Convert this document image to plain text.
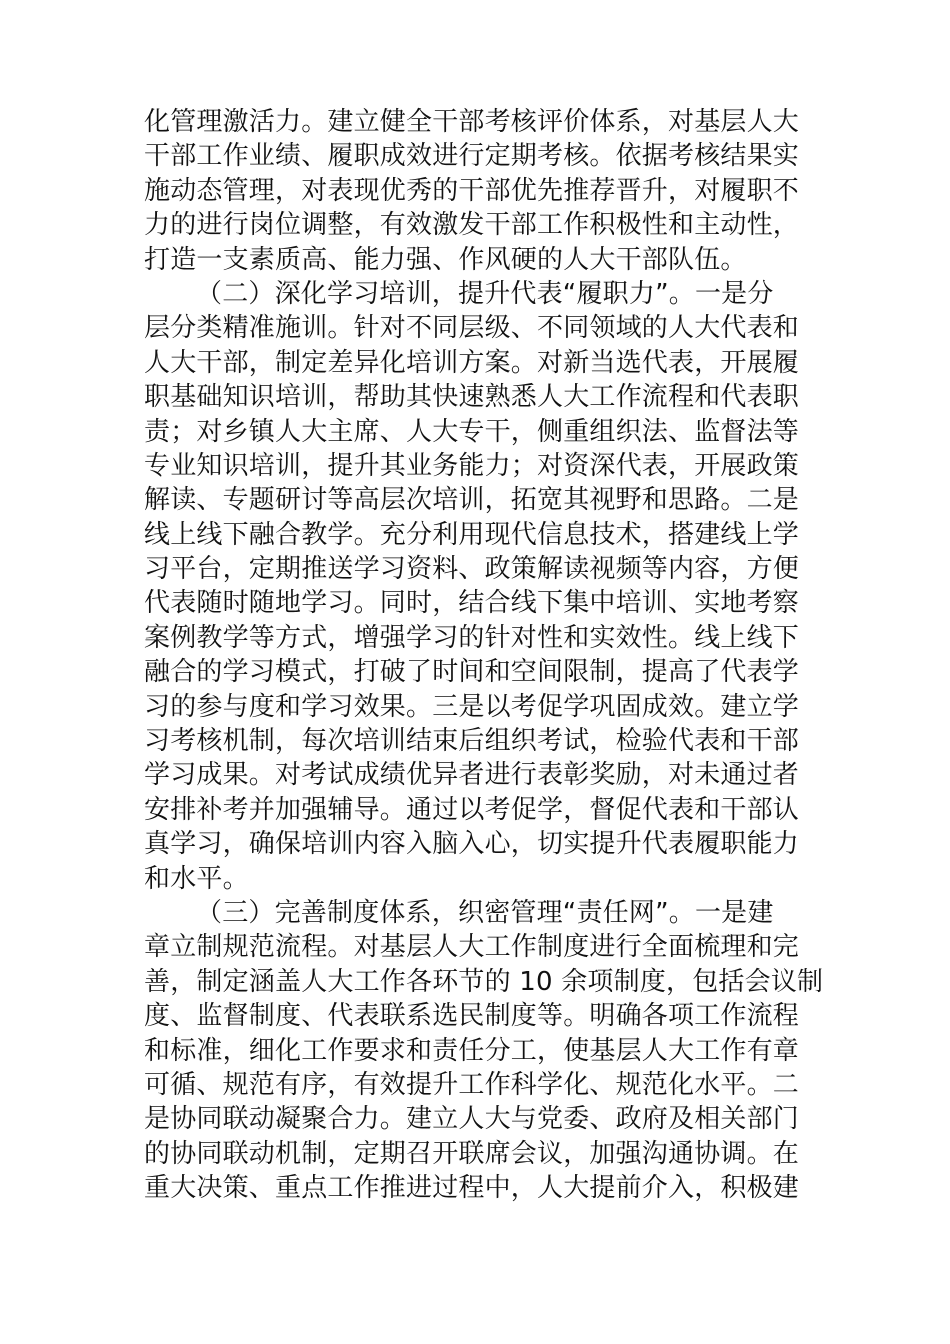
化管理激活力。建立健全干部考核评价体系，对基层人大
干部工作业绩、履职成效进行定期考核。依据考核结果实
施动态管理，对表现优秀的干部优先推荐晋升，对履职不
力的进行岗位调整，有效激发干部工作积极性和主动性，
打造一支素质高、能力强、作风硬的人大干部队伍。
（二）深化学习培训，提升代表“履职力”。一是分
层分类精准施训。针对不同层级、不同领域的人大代表和
人大干部，制定差异化培训方案。对新当选代表，开展履
职基础知识培训，帮助其快速熟悉人大工作流程和代表职
责；对乡镇人大主席、人大专干，侧重组织法、监督法等
专业知识培训，提升其业务能力；对资深代表，开展政策
解读、专题研讨等高层次培训，拓宽其视野和思路。二是
线上线下融合教学。充分利用现代信息技术，搭建线上学
习平台，定期推送学习资料、政策解读视频等内容，方便
代表随时随地学习。同时，结合线下集中培训、实地考察
案例教学等方式，增强学习的针对性和实效性。线上线下
融合的学习模式，打破了时间和空间限制，提高了代表学
习的参与度和学习效果。三是以考促学巩固成效。建立学
习考核机制，每次培训结束后组织考试，检验代表和干部
学习成果。对考试成绩优异者进行表彰奖励，对未通过者
安排补考并加强辅导。通过以考促学，督促代表和干部认
真学习，确保培训内容入脑入心，切实提升代表履职能力
和水平。
（三）完善制度体系，织密管理“责任网”。一是建
章立制规范流程。对基层人大工作制度进行全面梳理和完
善，制定涵盖人大工作各环节的 10 余项制度，包括会议制
度、监督制度、代表联系选民制度等。明确各项工作流程
和标准，细化工作要求和责任分工，使基层人大工作有章
可循、规范有序，有效提升工作科学化、规范化水平。二
是协同联动凝聚合力。建立人大与党委、政府及相关部门
的协同联动机制，定期召开联席会议，加强沟通协调。在
重大决策、重点工作推进过程中，人大提前介入，积极建
